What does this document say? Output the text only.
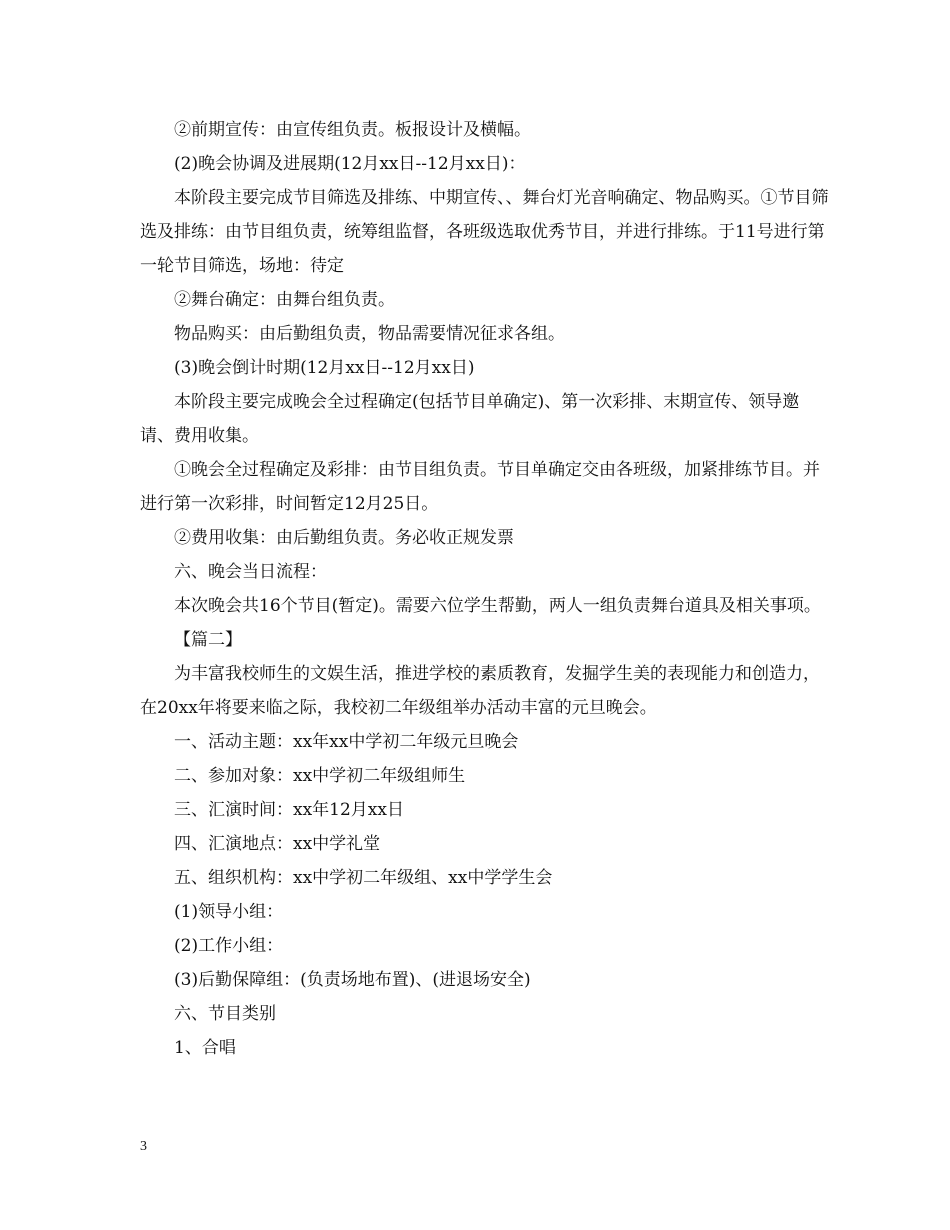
②前期宣传：由宣传组负责。板报设计及横幅。

(2)晚会协调及进展期(12月xx日--12月xx日)：

本阶段主要完成节目筛选及排练、中期宣传、、舞台灯光音响确定、物品购买。①节目筛选及排练：由节目组负责，统筹组监督，各班级选取优秀节目，并进行排练。于11号进行第一轮节目筛选，场地：待定

②舞台确定：由舞台组负责。

物品购买：由后勤组负责，物品需要情况征求各组。

(3)晚会倒计时期(12月xx日--12月xx日)

本阶段主要完成晚会全过程确定(包括节目单确定)、第一次彩排、末期宣传、领导邀请、费用收集。

①晚会全过程确定及彩排：由节目组负责。节目单确定交由各班级，加紧排练节目。并进行第一次彩排，时间暂定12月25日。

②费用收集：由后勤组负责。务必收正规发票

六、晚会当日流程：

本次晚会共16个节目(暂定)。需要六位学生帮勤，两人一组负责舞台道具及相关事项。

【篇二】

为丰富我校师生的文娱生活，推进学校的素质教育，发掘学生美的表现能力和创造力，在20xx年将要来临之际，我校初二年级组举办活动丰富的元旦晚会。

一、活动主题：xx年xx中学初二年级元旦晚会

二、参加对象：xx中学初二年级组师生

三、汇演时间：xx年12月xx日

四、汇演地点：xx中学礼堂

五、组织机构：xx中学初二年级组、xx中学学生会

(1)领导小组：

(2)工作小组：

(3)后勤保障组：(负责场地布置)、(进退场安全)

六、节目类别

1、合唱

3
